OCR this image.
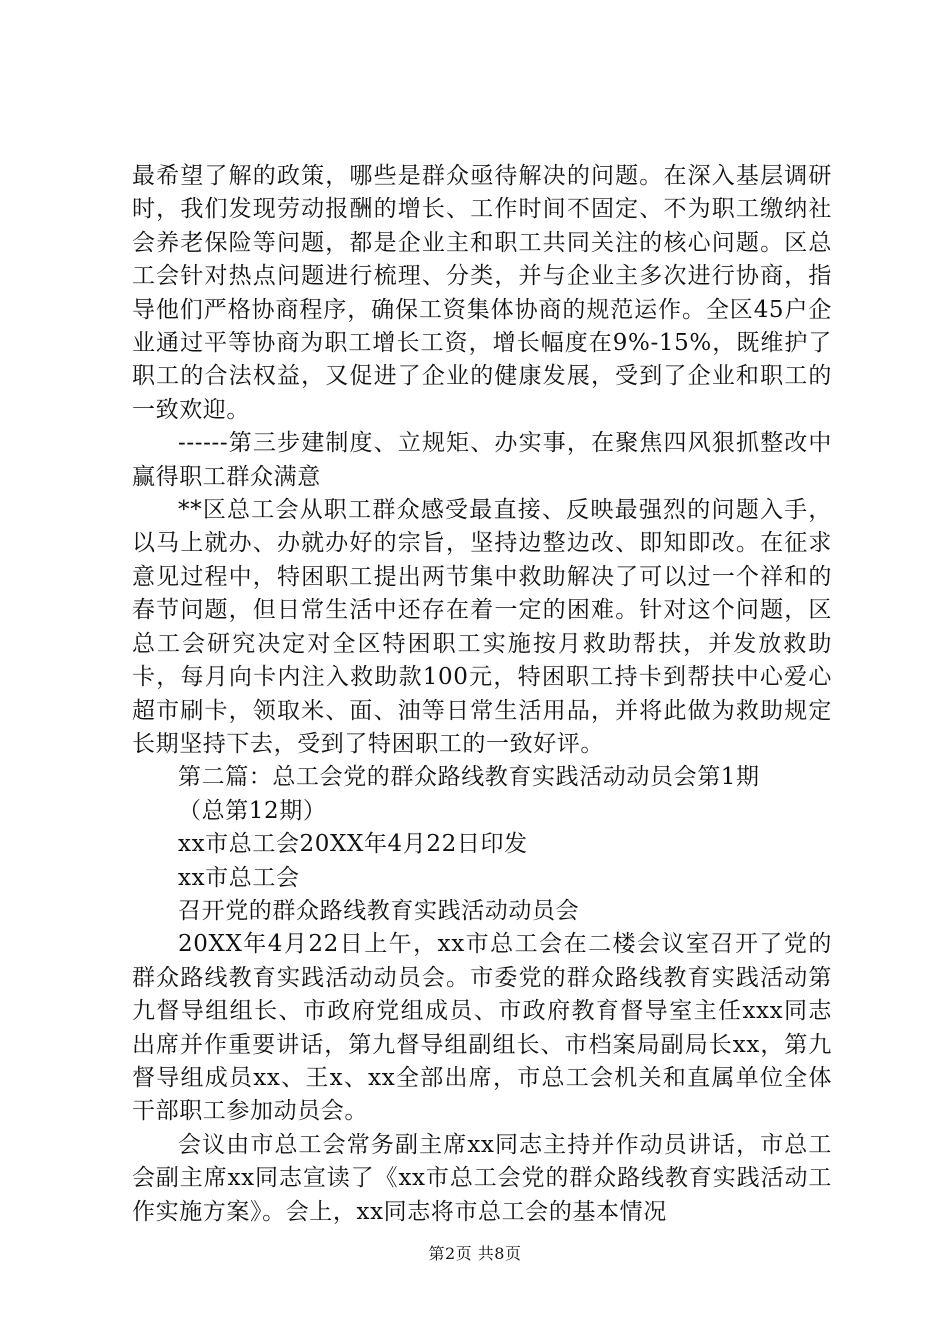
最希望了解的政策，哪些是群众亟待解决的问题。在深入基层调研时，我们发现劳动报酬的增长、工作时间不固定、不为职工缴纳社会养老保险等问题，都是企业主和职工共同关注的核心问题。区总工会针对热点问题进行梳理、分类，并与企业主多次进行协商，指导他们严格协商程序，确保工资集体协商的规范运作。全区45户企业通过平等协商为职工增长工资，增长幅度在9%-15%，既维护了职工的合法权益，又促进了企业的健康发展，受到了企业和职工的一致欢迎。

------第三步建制度、立规矩、办实事，在聚焦四风狠抓整改中赢得职工群众满意

**区总工会从职工群众感受最直接、反映最强烈的问题入手，以马上就办、办就办好的宗旨，坚持边整边改、即知即改。在征求意见过程中，特困职工提出两节集中救助解决了可以过一个祥和的春节问题，但日常生活中还存在着一定的困难。针对这个问题，区总工会研究决定对全区特困职工实施按月救助帮扶，并发放救助卡，每月向卡内注入救助款100元，特困职工持卡到帮扶中心爱心超市刷卡，领取米、面、油等日常生活用品，并将此做为救助规定长期坚持下去，受到了特困职工的一致好评。

第二篇：总工会党的群众路线教育实践活动动员会第1期

（总第12期）

xx市总工会20XX年4月22日印发

xx市总工会

召开党的群众路线教育实践活动动员会

20XX年4月22日上午，xx市总工会在二楼会议室召开了党的群众路线教育实践活动动员会。市委党的群众路线教育实践活动第九督导组组长、市政府党组成员、市政府教育督导室主任xxx同志出席并作重要讲话，第九督导组副组长、市档案局副局长xx，第九督导组成员xx、王x、xx全部出席，市总工会机关和直属单位全体干部职工参加动员会。

会议由市总工会常务副主席xx同志主持并作动员讲话，市总工会副主席xx同志宣读了《xx市总工会党的群众路线教育实践活动工作实施方案》。会上，xx同志将市总工会的基本情况

第2页 共8页
